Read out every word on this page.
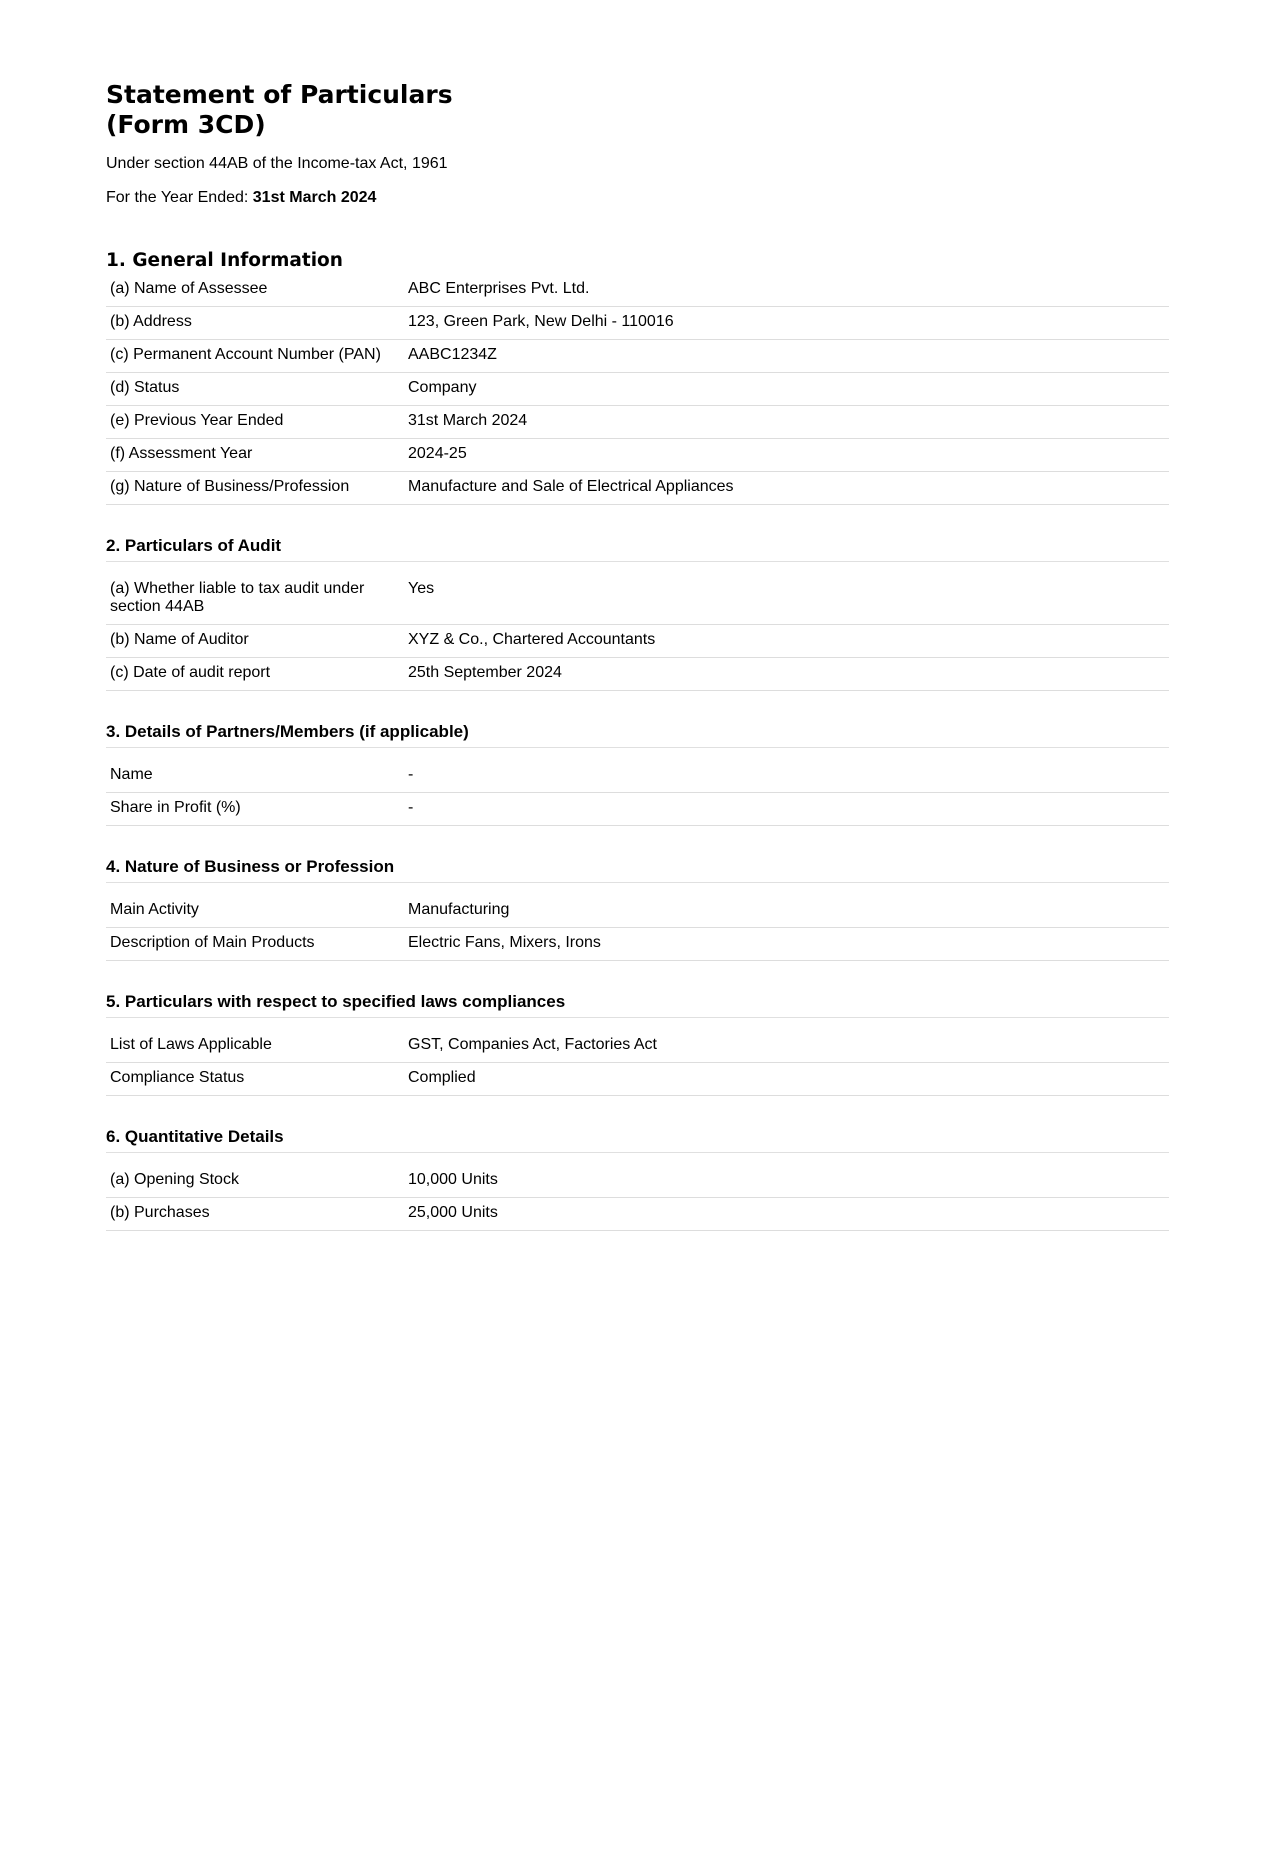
Statement of Particulars
(Form 3CD)
Under section 44AB of the Income-tax Act, 1961
For the Year Ended: 31st March 2024
1. General Information
(a) Name of Assessee	ABC Enterprises Pvt. Ltd.
(b) Address	123, Green Park, New Delhi - 110016
(c) Permanent Account Number (PAN)	AABC1234Z
(d) Status	Company
(e) Previous Year Ended	31st March 2024
(f) Assessment Year	2024-25
(g) Nature of Business/Profession	Manufacture and Sale of Electrical Appliances
2. Particulars of Audit
(a) Whether liable to tax audit under section 44AB	Yes
(b) Name of Auditor	XYZ & Co., Chartered Accountants
(c) Date of audit report	25th September 2024
3. Details of Partners/Members (if applicable)
Name	-
Share in Profit (%)	-
4. Nature of Business or Profession
Main Activity	Manufacturing
Description of Main Products	Electric Fans, Mixers, Irons
5. Particulars with respect to specified laws compliances
List of Laws Applicable	GST, Companies Act, Factories Act
Compliance Status	Complied
6. Quantitative Details
(a) Opening Stock	10,000 Units
(b) Purchases	25,000 Units
